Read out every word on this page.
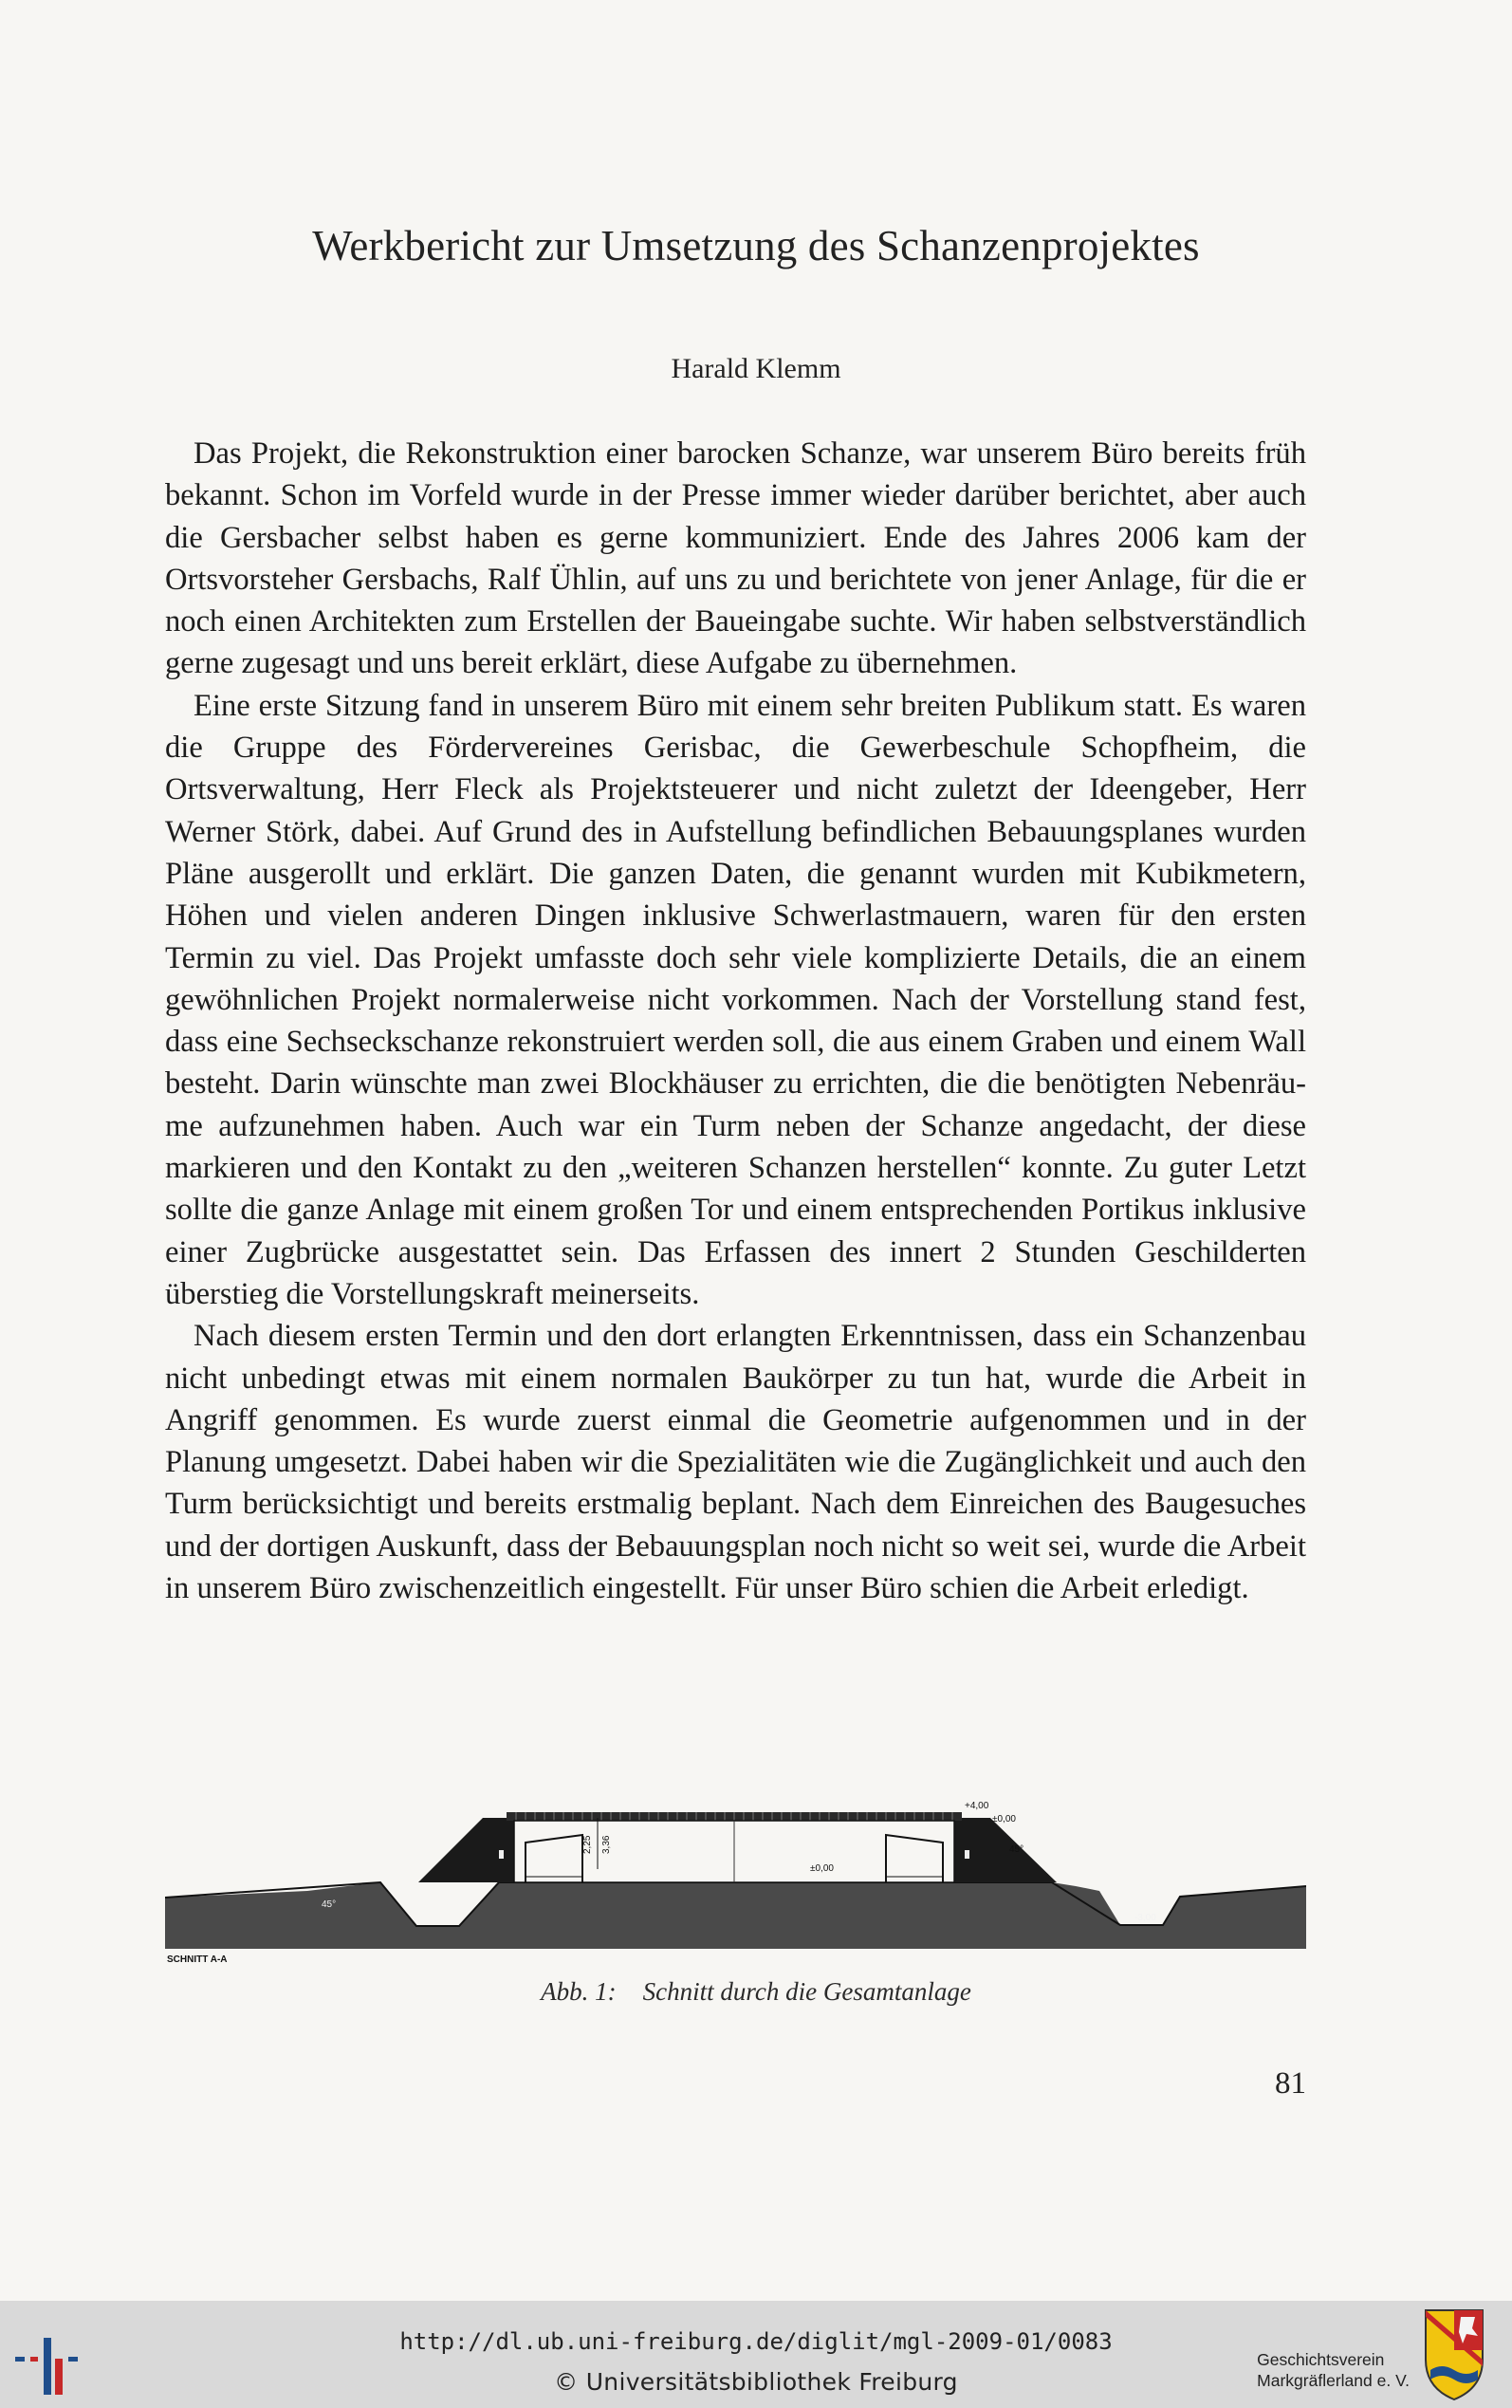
Werkbericht zur Umsetzung des Schanzenprojektes
Harald Klemm

Das Projekt, die Rekonstruktion einer barocken Schanze, war unserem Büro bereits früh bekannt. Schon im Vorfeld wurde in der Presse immer wieder darüber berichtet, aber auch die Gersbacher selbst haben es gerne kommuniziert. Ende des Jahres 2006 kam der Ortsvorsteher Gersbachs, Ralf Ühlin, auf uns zu und berichtete von jener Anlage, für die er noch einen Architekten zum Erstellen der Baueingabe suchte. Wir haben selbstverständlich gerne zugesagt und uns bereit erklärt, diese Aufgabe zu übernehmen.

Eine erste Sitzung fand in unserem Büro mit einem sehr breiten Publikum statt. Es waren die Gruppe des Fördervereines Gerisbac, die Gewerbeschule Schopfheim, die Ortsverwaltung, Herr Fleck als Projektsteuerer und nicht zuletzt der Ideengeber, Herr Werner Störk, dabei. Auf Grund des in Aufstellung befindlichen Bebauungsplanes wurden Pläne ausgerollt und erklärt. Die ganzen Daten, die genannt wurden mit Kubikmetern, Höhen und vielen anderen Dingen inklusive Schwerlastmauern, waren für den ersten Termin zu viel. Das Projekt umfasste doch sehr viele komplizierte Details, die an einem gewöhnlichen Projekt normalerweise nicht vorkommen. Nach der Vorstellung stand fest, dass eine Sechseckschanze rekonstruiert werden soll, die aus einem Graben und einem Wall besteht. Darin wünschte man zwei Blockhäuser zu errichten, die die benötigten Nebenräume aufzunehmen haben. Auch war ein Turm neben der Schanze angedacht, der diese markieren und den Kontakt zu den „weiteren Schanzen herstellen“ konnte. Zu guter Letzt sollte die ganze Anlage mit einem großen Tor und einem entsprechenden Portikus inklusive einer Zugbrücke ausgestattet sein. Das Erfassen des innert 2 Stunden Geschilderten überstieg die Vorstellungskraft meinerseits.

Nach diesem ersten Termin und den dort erlangten Erkenntnissen, dass ein Schanzenbau nicht unbedingt etwas mit einem normalen Baukörper zu tun hat, wurde die Arbeit in Angriff genommen. Es wurde zuerst einmal die Geometrie aufgenommen und in der Planung umgesetzt. Dabei haben wir die Spezialitäten wie die Zugänglichkeit und auch den Turm berücksichtigt und bereits erstmalig beplant. Nach dem Einreichen des Baugesuches und der dortigen Auskunft, dass der Bebauungsplan noch nicht so weit sei, wurde die Arbeit in unserem Büro zwischenzeitlich eingestellt. Für unser Büro schien die Arbeit erledigt.

+4,00
±0,00
±0,00
-3,00
2,25 3,36
45°
45°
SCHNITT A-A
Abb. 1: Schnitt durch die Gesamtanlage
81
http://dl.ub.uni-freiburg.de/diglit/mgl-2009-01/0083
© Universitätsbibliothek Freiburg
Geschichtsverein
Markgräflerland e. V.
